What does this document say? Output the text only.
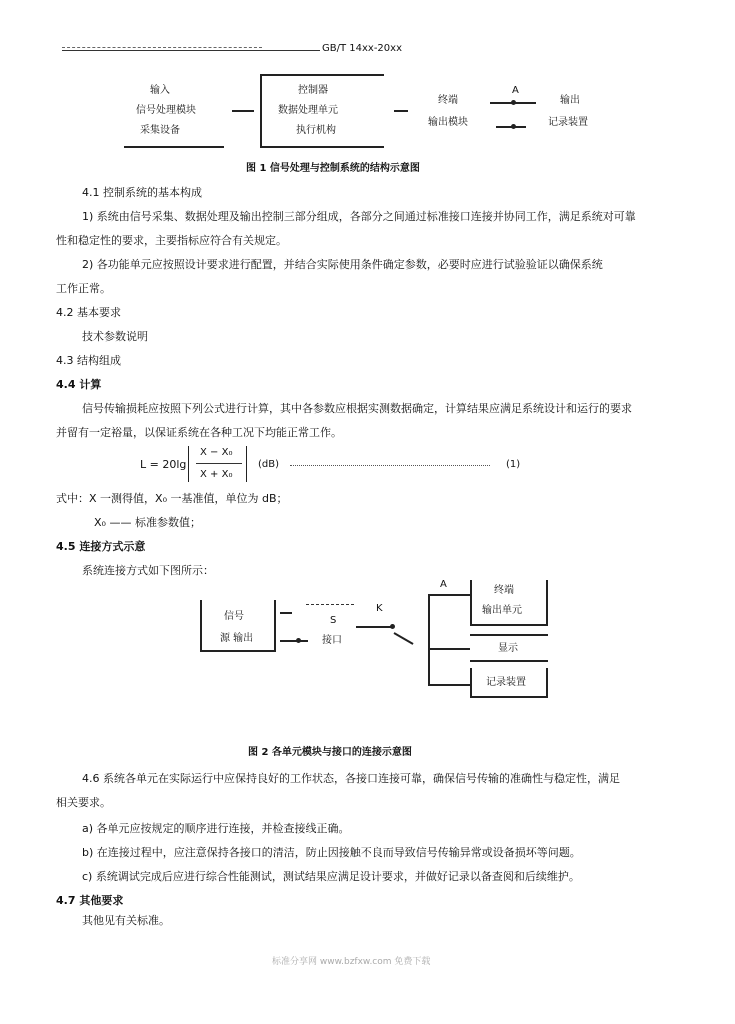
GB/T 14xx-20xx
输入
信号处理模块
采集设备
控制器
数据处理单元
执行机构
终端
输出模块
A
输出
记录装置
图 1 信号处理与控制系统的结构示意图
4.1 控制系统的基本构成
1) 系统由信号采集、数据处理及输出控制三部分组成，各部分之间通过标准接口连接并协同工作，满足系统对可靠
性和稳定性的要求，主要指标应符合有关规定。
2) 各功能单元应按照设计要求进行配置，并结合实际使用条件确定参数，必要时应进行试验验证以确保系统
工作正常。
4.2 基本要求
技术参数说明
4.3 结构组成
4.4 计算
信号传输损耗应按照下列公式进行计算，其中各参数应根据实测数据确定，计算结果应满足系统设计和运行的要求
并留有一定裕量，以保证系统在各种工况下均能正常工作。
L = 20lg
X − X₀
X + X₀
(dB)	(1)
式中：X 一测得值，X₀ 一基准值，单位为 dB；
X₀ —— 标准参数值；
4.5 连接方式示意
系统连接方式如下图所示：
信号
源 输出
S
接口
K
A
终端
输出单元
显示
记录装置
图 2 各单元模块与接口的连接示意图
4.6 系统各单元在实际运行中应保持良好的工作状态，各接口连接可靠，确保信号传输的准确性与稳定性，满足
相关要求。
a) 各单元应按规定的顺序进行连接，并检查接线正确。
b) 在连接过程中，应注意保持各接口的清洁，防止因接触不良而导致信号传输异常或设备损坏等问题。
c) 系统调试完成后应进行综合性能测试，测试结果应满足设计要求，并做好记录以备查阅和后续维护。
4.7 其他要求
其他见有关标准。
标准分享网 www.bzfxw.com 免费下载
